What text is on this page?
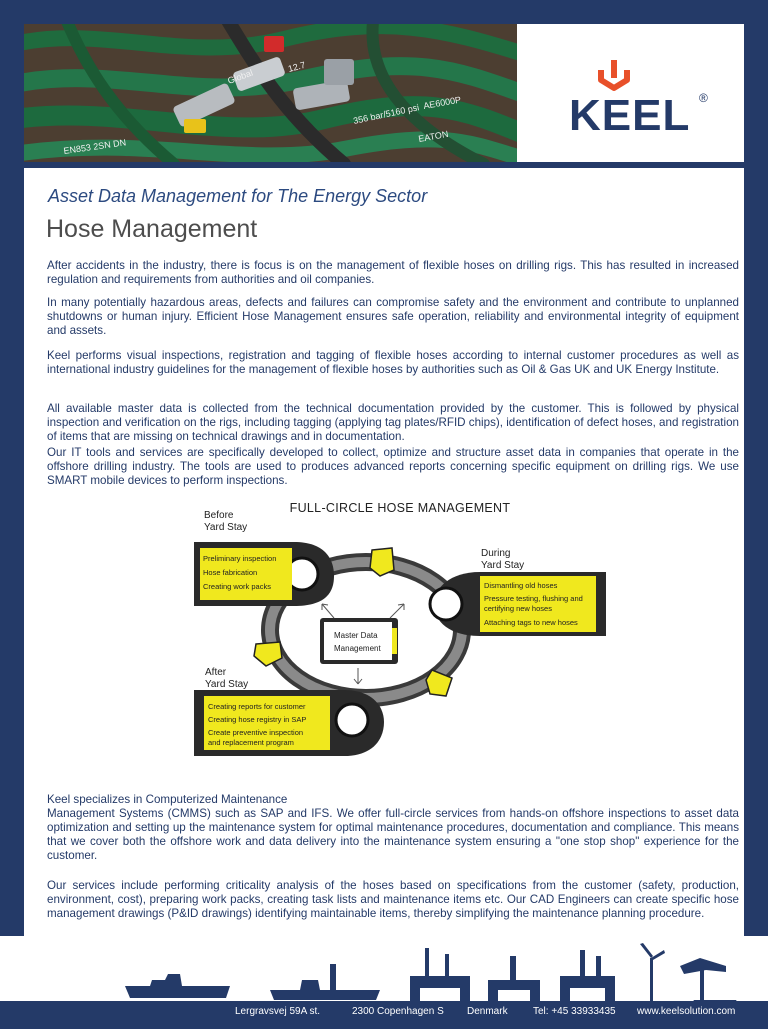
Global
12.7
356 bar/5160 psi
EN853 2SN DN
AE6000P
EATON	KEEL ®
Asset Data Management for The Energy Sector
Hose Management

After accidents in the industry, there is focus is on the management of flexible hoses on drilling rigs. This has resulted in increased regulation and requirements from authorities and oil companies.

In many potentially hazardous areas, defects and failures can compromise safety and the environment and contribute to unplanned shutdowns or human injury. Efficient Hose Management ensures safe operation, reliability and environmental integrity of equipment and assets.

Keel performs visual inspections, registration and tagging of flexible hoses according to internal customer procedures as well as international industry guidelines for the management of flexible hoses by authorities such as Oil & Gas UK and UK Energy Institute.

All available master data is collected from the technical documentation provided by the customer. This is followed by physical inspection and verification on the rigs, including tagging (applying tag plates/RFID chips), identification of defect hoses, and registration of items that are missing on technical drawings and in documentation.

Our IT tools and services are specifically developed to collect, optimize and structure asset data in companies that operate in the offshore drilling industry. The tools are used to produces advanced reports concerning specific equipment on drilling rigs. We use SMART mobile devices to perform inspections.

FULL-CIRCLE HOSE MANAGEMENT
Before
Yard Stay
Preliminary inspection
Hose fabrication
Creating work packs
During
Yard Stay
Dismantling old hoses
Pressure testing, flushing and
certifying new hoses
Attaching tags to new hoses
After
Yard Stay
Creating reports for customer
Creating hose registry in SAP
Create preventive inspection
and replacement program
Master Data
Management
Keel specializes in Computerized Maintenance

Management Systems (CMMS) such as SAP and IFS. We offer full-circle services from hands-on offshore inspections to asset data optimization and setting up the maintenance system for optimal maintenance procedures, documentation and compliance. This means that we cover both the offshore work and data delivery into the maintenance system ensuring a "one stop shop" experience for the customer.

Our services include performing criticality analysis of the hoses based on specifications from the customer (safety, production, environment, cost), preparing work packs, creating task lists and maintenance items etc. Our CAD Engineers can create specific hose management drawings (P&ID drawings) identifying maintainable items, thereby simplifying the maintenance planning procedure.

Lergravsvej 59A st.	2300 Copenhagen S Denmark	Tel: +45 33933435 www.keelsolution.com
